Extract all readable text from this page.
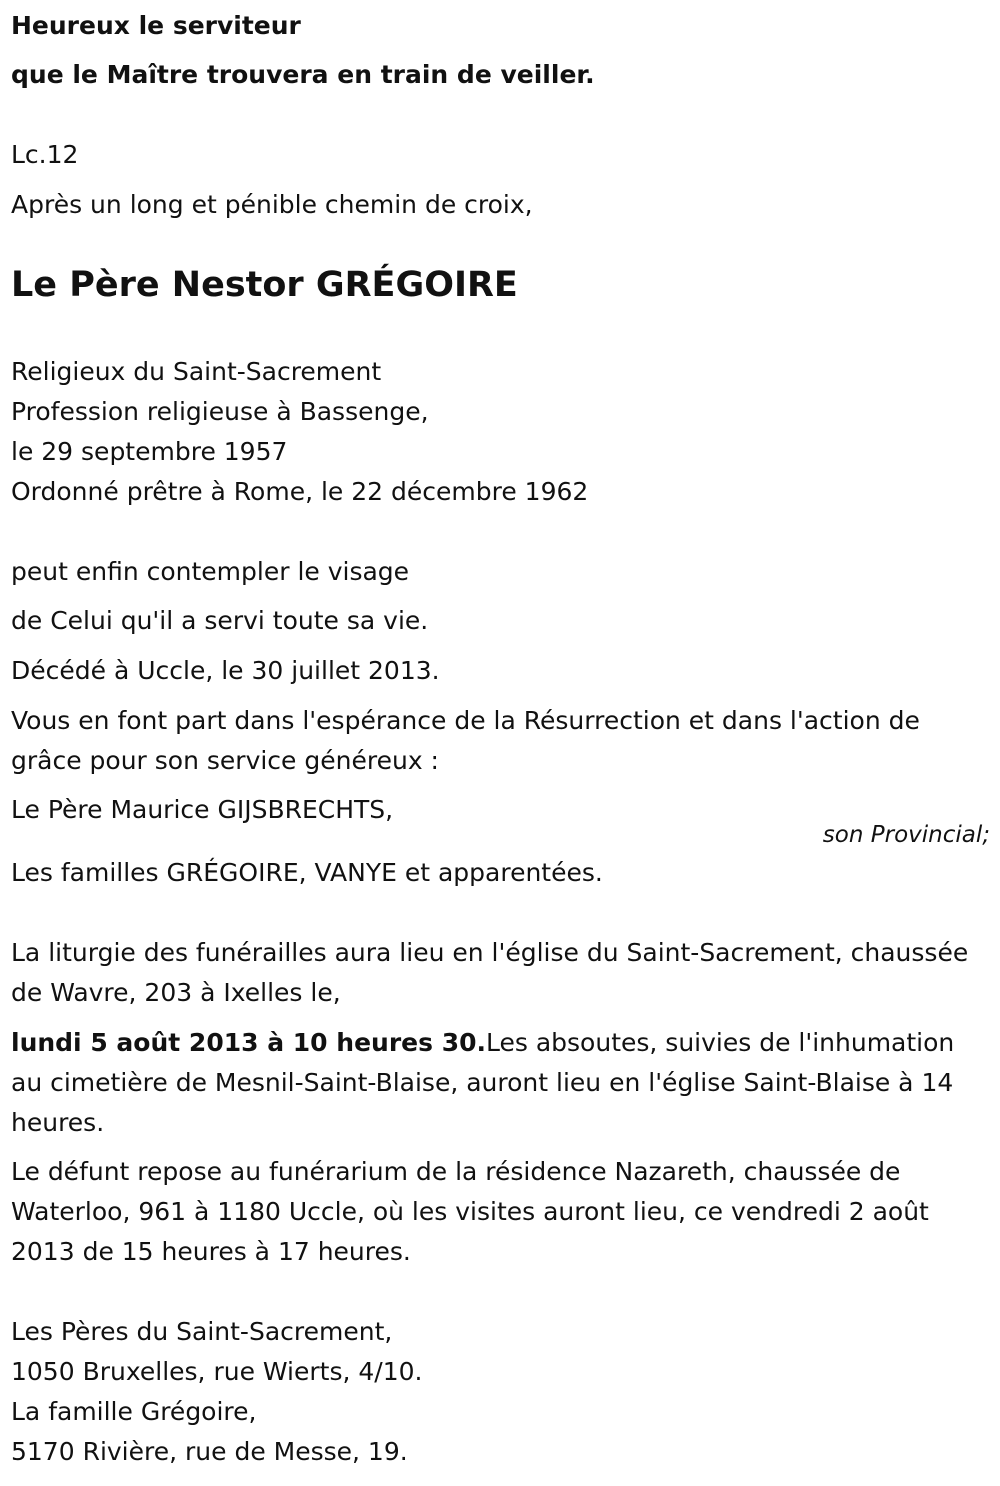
Heureux le serviteur

que le Maître trouvera en train de veiller.

Lc.12

Après un long et pénible chemin de croix,

Le Père Nestor GRÉGOIRE

Religieux du Saint-Sacrement

Profession religieuse à Bassenge,

le 29 septembre 1957

Ordonné prêtre à Rome, le 22 décembre 1962

peut enfin contempler le visage

de Celui qu'il a servi toute sa vie.

Décédé à Uccle, le 30 juillet 2013.

Vous en font part dans l'espérance de la Résurrection et dans l'action de grâce pour son service généreux :

Le Père Maurice GIJSBRECHTS,

son Provincial;

Les familles GRÉGOIRE, VANYE et apparentées.

La liturgie des funérailles aura lieu en l'église du Saint-Sacrement, chaussée de Wavre, 203 à Ixelles le,

lundi 5 août 2013 à 10 heures 30.Les absoutes, suivies de l'inhumation au cimetière de Mesnil-Saint-Blaise, auront lieu en l'église Saint-Blaise à 14 heures.

Le défunt repose au funérarium de la résidence Nazareth, chaussée de Waterloo, 961 à 1180 Uccle, où les visites auront lieu, ce vendredi 2 août 2013 de 15 heures à 17 heures.

Les Pères du Saint-Sacrement,

1050 Bruxelles, rue Wierts, 4/10.

La famille Grégoire,

5170 Rivière, rue de Messe, 19.
